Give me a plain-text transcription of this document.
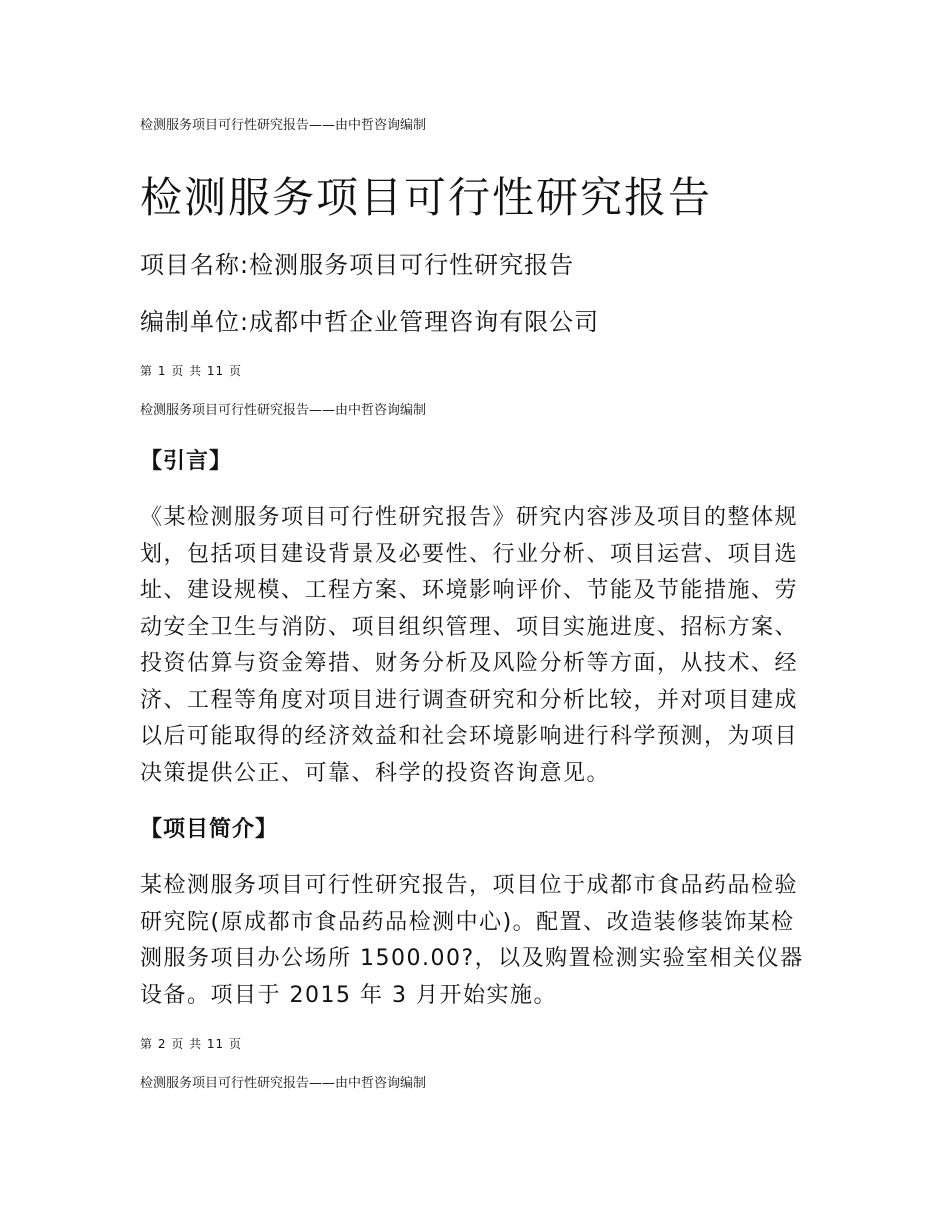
检测服务项目可行性研究报告——由中哲咨询编制

检测服务项目可行性研究报告

项目名称:检测服务项目可行性研究报告

编制单位:成都中哲企业管理咨询有限公司

第 1 页 共 11 页

检测服务项目可行性研究报告——由中哲咨询编制

【引言】

《某检测服务项目可行性研究报告》研究内容涉及项目的整体规划，包括项目建设背景及必要性、行业分析、项目运营、项目选址、建设规模、工程方案、环境影响评价、节能及节能措施、劳动安全卫生与消防、项目组织管理、项目实施进度、招标方案、投资估算与资金筹措、财务分析及风险分析等方面，从技术、经济、工程等角度对项目进行调查研究和分析比较，并对项目建成以后可能取得的经济效益和社会环境影响进行科学预测，为项目决策提供公正、可靠、科学的投资咨询意见。

【项目简介】

某检测服务项目可行性研究报告，项目位于成都市食品药品检验研究院(原成都市食品药品检测中心)。配置、改造装修装饰某检测服务项目办公场所 1500.00?，以及购置检测实验室相关仪器设备。项目于 2015 年 3 月开始实施。

第 2 页 共 11 页

检测服务项目可行性研究报告——由中哲咨询编制
